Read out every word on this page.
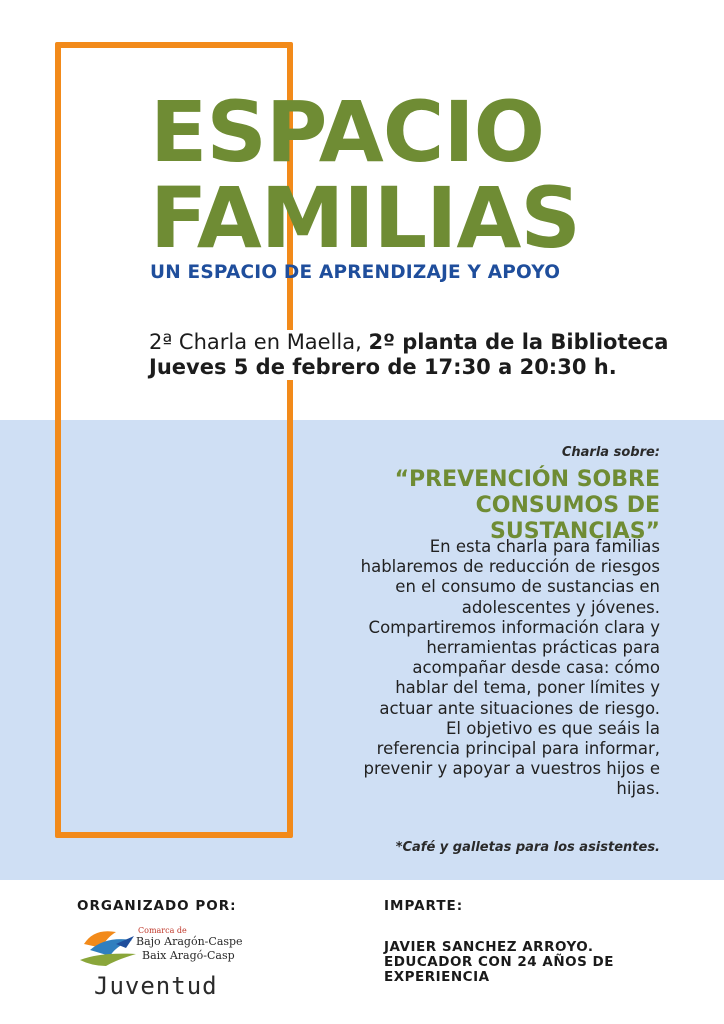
ESPACIO
FAMILIAS

UN ESPACIO DE APRENDIZAJE Y APOYO

2ª Charla en Maella, 2º planta de la Biblioteca
Jueves 5 de febrero de 17:30 a 20:30 h.

Charla sobre:
“PREVENCIÓN SOBRE
CONSUMOS DE SUSTANCIAS”
En esta charla para familias hablaremos de reducción de riesgos en el consumo de sustancias en adolescentes y jóvenes. Compartiremos información clara y herramientas prácticas para acompañar desde casa: cómo hablar del tema, poner límites y actuar ante situaciones de riesgo. El objetivo es que seáis la referencia principal para informar, prevenir y apoyar a vuestros hijos e hijas.
*Café y galletas para los asistentes.

ORGANIZADO POR:

Comarca de
Bajo Aragón-Caspe
Baix Aragó-Casp
Juventud

IMPARTE:

JAVIER SANCHEZ ARROYO. EDUCADOR CON 24 AÑOS DE EXPERIENCIA
